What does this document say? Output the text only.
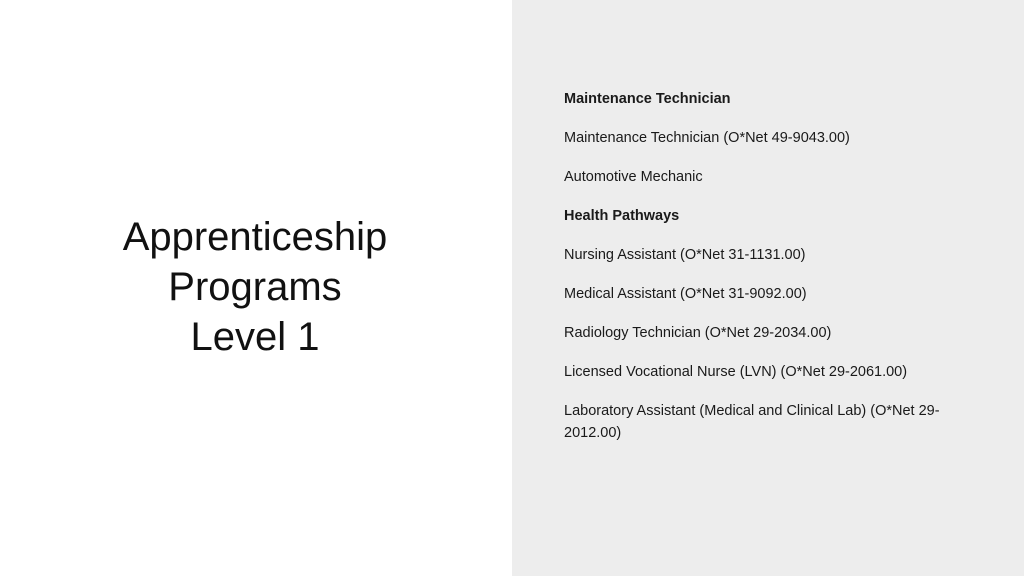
Apprenticeship
Programs
Level 1
Maintenance Technician
Maintenance Technician (O*Net 49-9043.00)
Automotive Mechanic
Health Pathways
Nursing Assistant (O*Net 31-1131.00)
Medical Assistant (O*Net 31-9092.00)
Radiology Technician (O*Net 29-2034.00)
Licensed Vocational Nurse (LVN) (O*Net 29-2061.00)
Laboratory Assistant (Medical and Clinical Lab) (O*Net 29-2012.00)
